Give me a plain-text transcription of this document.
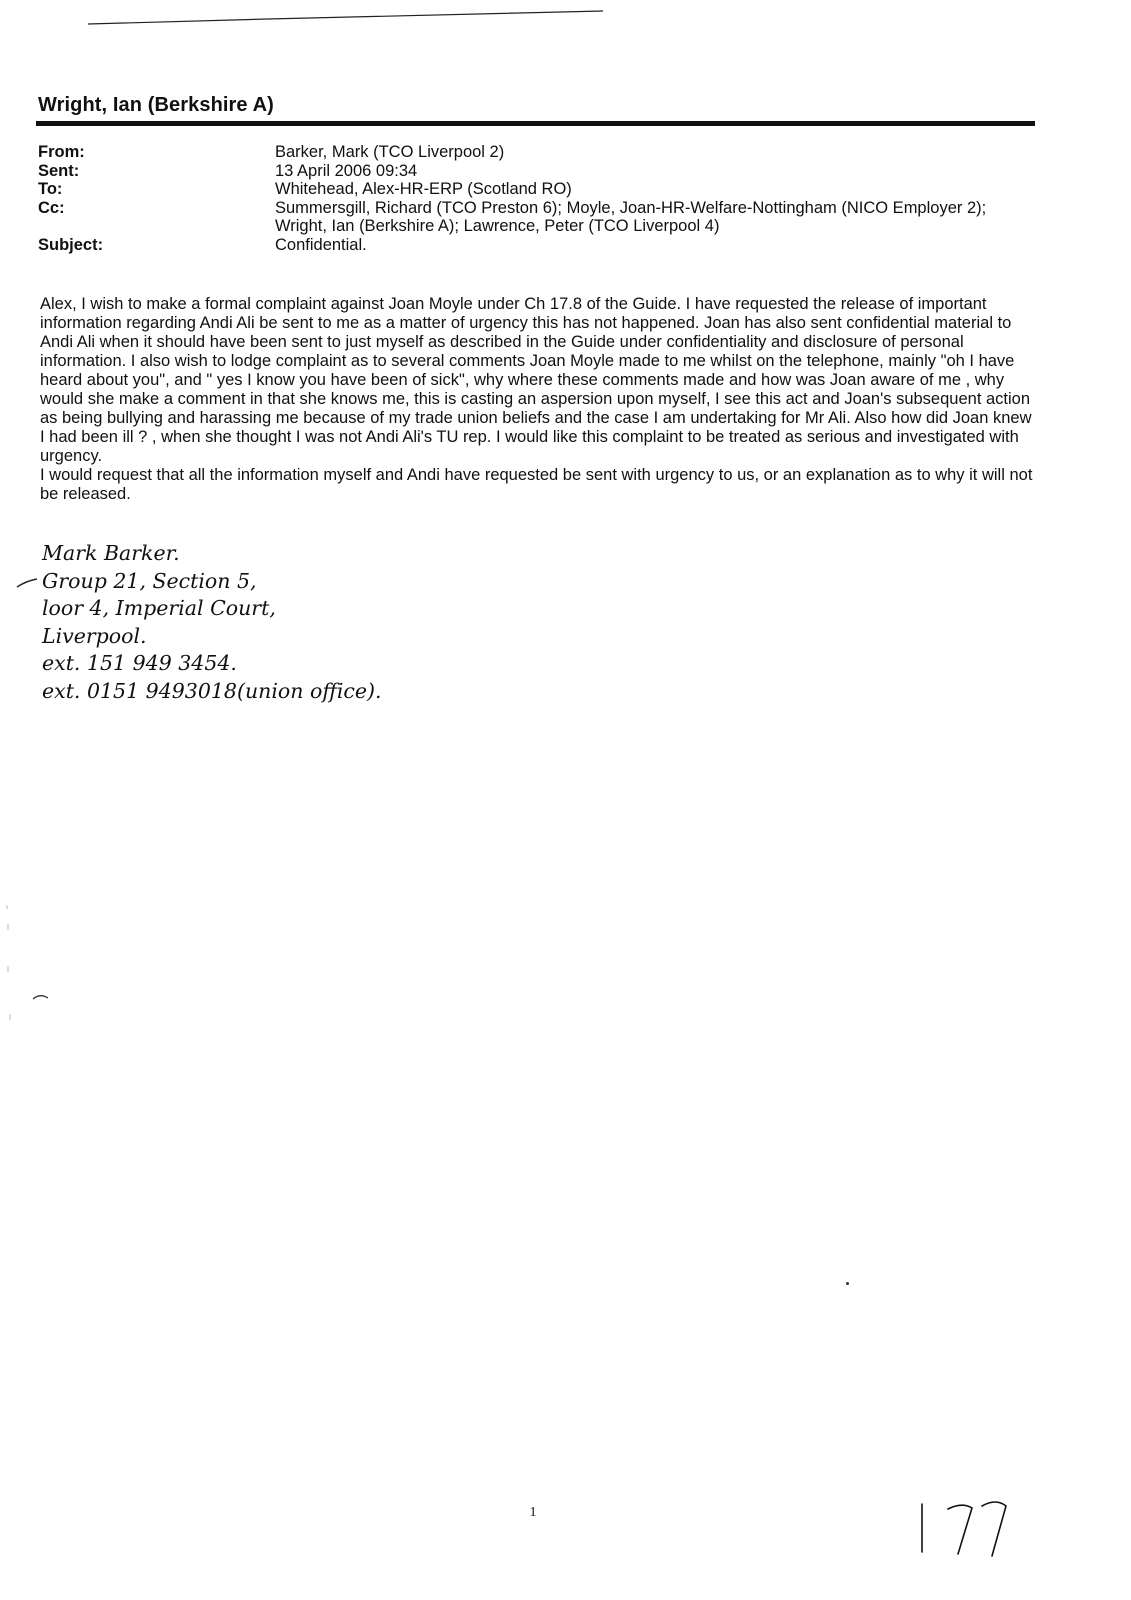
Wright, Ian (Berkshire A)
From:	Barker, Mark (TCO Liverpool 2)
Sent:	13 April 2006 09:34
To:	Whitehead, Alex-HR-ERP (Scotland RO)
Cc:	Summersgill, Richard (TCO Preston 6); Moyle, Joan-HR-Welfare-Nottingham (NICO Employer 2); Wright, Ian (Berkshire A); Lawrence, Peter (TCO Liverpool 4)
Subject:	Confidential.

Alex, I wish to make a formal complaint against Joan Moyle under Ch 17.8 of the Guide. I have requested the release of important information regarding Andi Ali be sent to me as a matter of urgency this has not happened. Joan has also sent confidential material to Andi Ali when it should have been sent to just myself as described in the Guide under confidentiality and disclosure of personal information. I also wish to lodge complaint as to several comments Joan Moyle made to me whilst on the telephone, mainly "oh I have heard about you", and " yes I know you have been of sick", why where these comments made and how was Joan aware of me , why would she make a comment in that she knows me, this is casting an aspersion upon myself, I see this act and Joan's subsequent action as being bullying and harassing me because of my trade union beliefs and the case I am undertaking for Mr Ali. Also how did Joan knew I had been ill ? , when she thought I was not Andi Ali's TU rep. I would like this complaint to be treated as serious and investigated with urgency.

I would request that all the information myself and Andi have requested be sent with urgency to us, or an explanation as to why it will not be released.

Mark Barker.
Group 21, Section 5,
loor 4, Imperial Court,
Liverpool.
ext. 151 949 3454.
ext. 0151 9493018(union office).
1
